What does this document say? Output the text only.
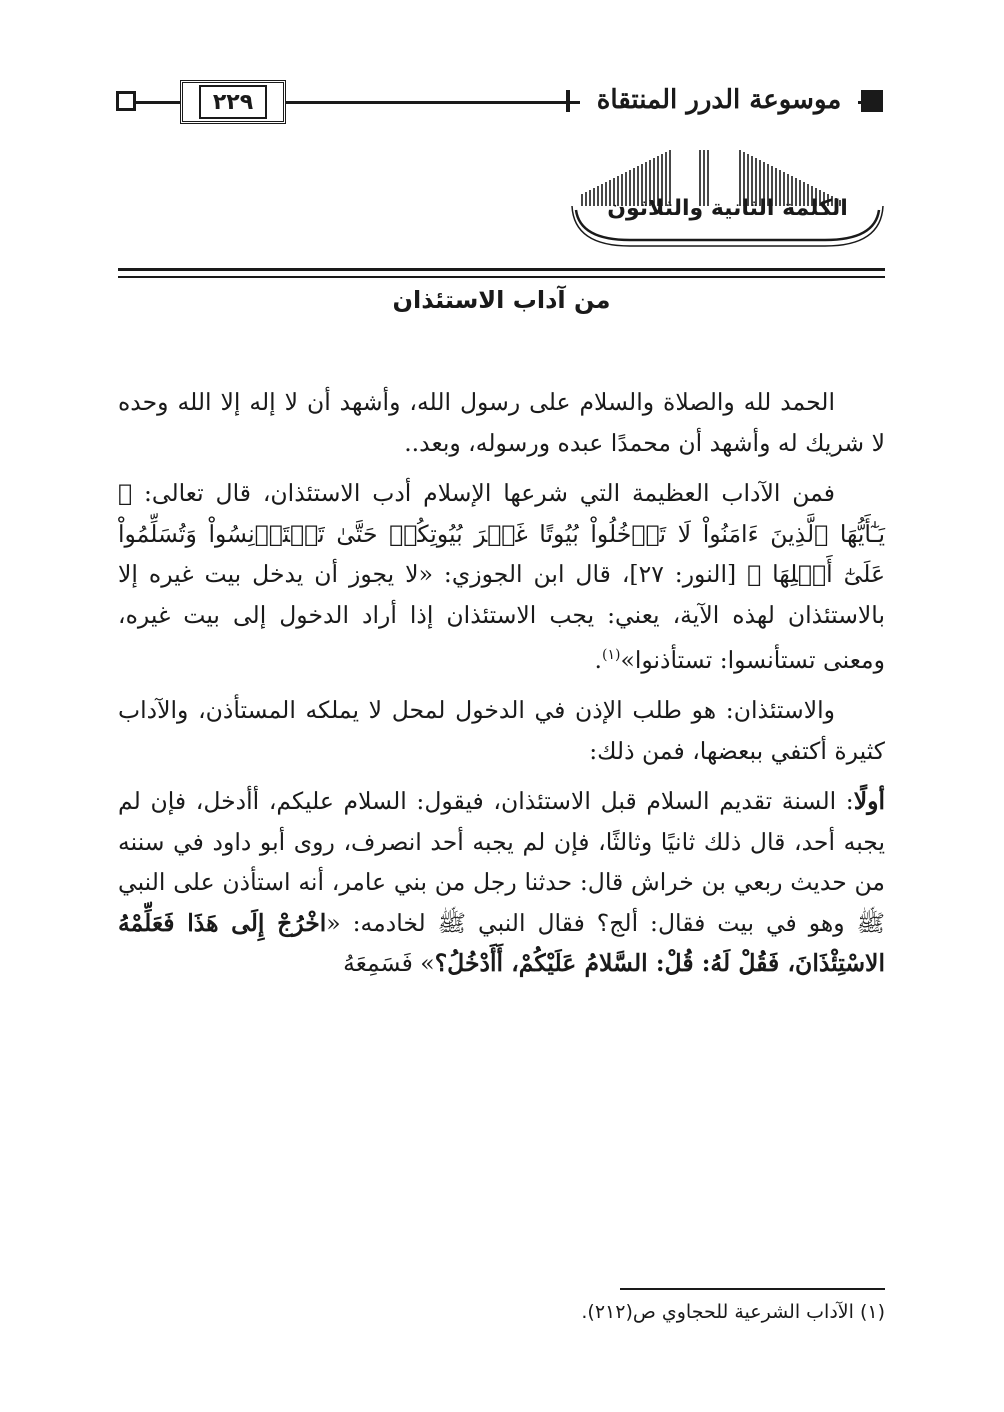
٢٢٩	موسوعة الدرر المنتقاة
الكلمة الثانية والثلاثون
من آداب الاستئذان

الحمد لله والصلاة والسلام على رسول الله، وأشهد أن لا إله إلا الله وحده لا شريك له وأشهد أن محمدًا عبده ورسوله، وبعد..

فمن الآداب العظيمة التي شرعها الإسلام أدب الاستئذان، قال تعالى: ﴿ يَـٰٓأَيُّهَا ٱلَّذِينَ ءَامَنُواْ لَا تَدۡخُلُواْ بُيُوتًا غَيۡرَ بُيُوتِكُمۡ حَتَّىٰ تَسۡتَأۡنِسُواْ وَتُسَلِّمُواْ عَلَىٰٓ أَهۡلِهَا ﴾ [النور: ٢٧]، قال ابن الجوزي: «لا يجوز أن يدخل بيت غيره إلا بالاستئذان لهذه الآية، يعني: يجب الاستئذان إذا أراد الدخول إلى بيت غيره، ومعنى تستأنسوا: تستأذنوا»$^{(١)}$.

والاستئذان: هو طلب الإذن في الدخول لمحل لا يملكه المستأذن، والآداب كثيرة أكتفي ببعضها، فمن ذلك:

أولًا: السنة تقديم السلام قبل الاستئذان، فيقول: السلام عليكم، أأدخل، فإن لم يجبه أحد، قال ذلك ثانيًا وثالثًا، فإن لم يجبه أحد انصرف، روى أبو داود في سننه من حديث ربعي بن خراش قال: حدثنا رجل من بني عامر، أنه استأذن على النبي ﷺ وهو في بيت فقال: ألج؟ فقال النبي ﷺ لخادمه: «اخْرُجْ إِلَى هَذَا فَعَلِّمْهُ الاسْتِئْذَانَ، فَقُلْ لَهُ: قُلْ: السَّلامُ عَلَيْكُمْ، أَأَدْخُلُ؟» فَسَمِعَهُ

(١) الآداب الشرعية للحجاوي ص(٢١٢).
